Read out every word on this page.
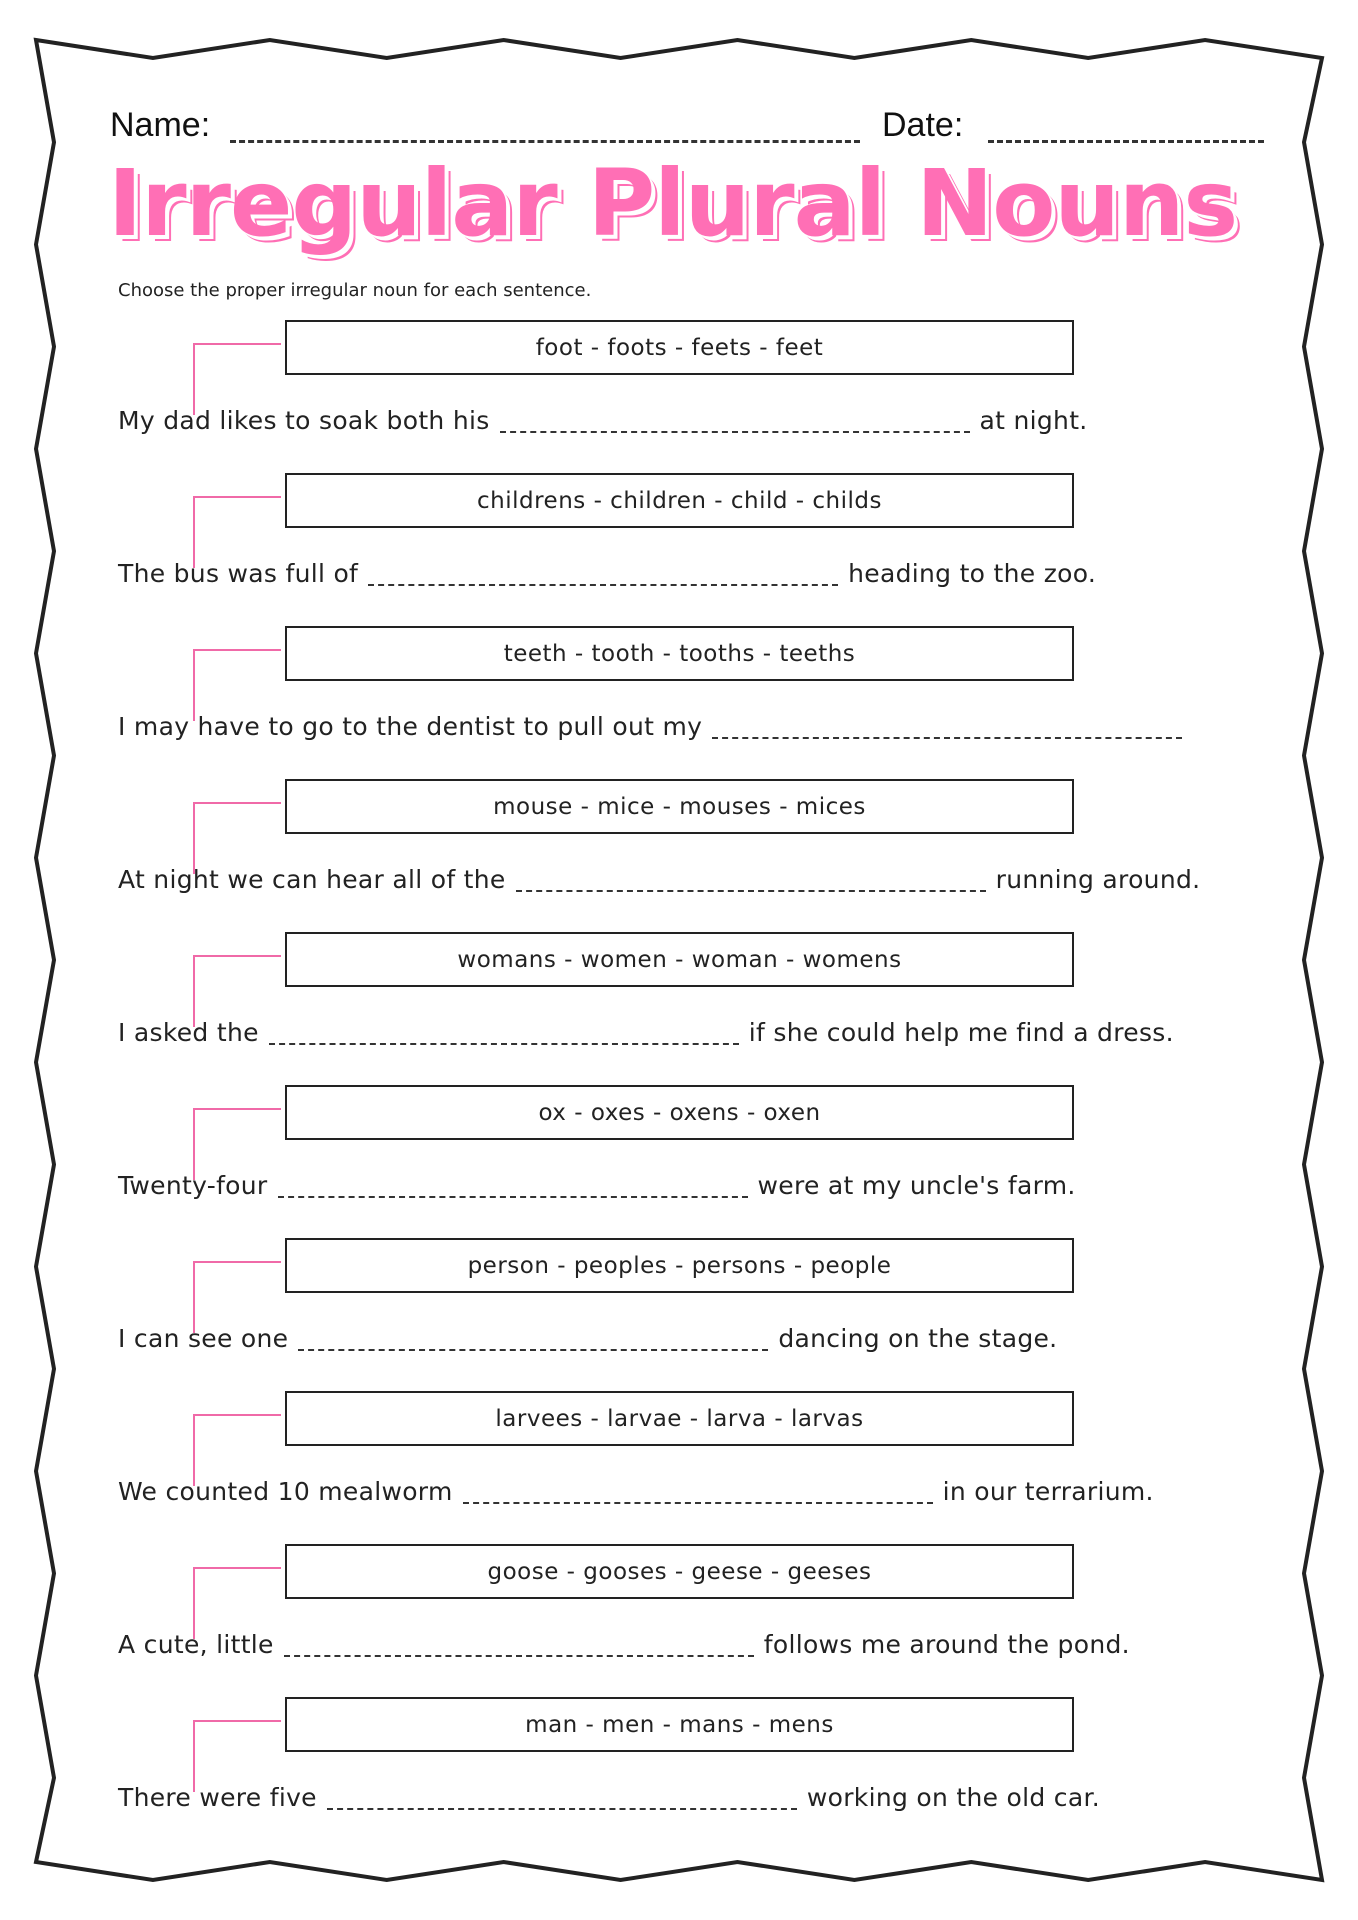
Name:	Date:
Irregular Plural Nouns
Choose the proper irregular noun for each sentence.
foot - foots - feets - feet
My dad likes to soak both his	at night.
childrens - children - child - childs
The bus was full of	heading to the zoo.
teeth - tooth - tooths - teeths
I may have to go to the dentist to pull out my
mouse - mice - mouses - mices
At night we can hear all of the	running around.
womans - women - woman - womens
I asked the	if she could help me find a dress.
ox - oxes - oxens - oxen
Twenty-four	were at my uncle's farm.
person - peoples - persons - people
I can see one	dancing on the stage.
larvees - larvae - larva - larvas
We counted 10 mealworm	in our terrarium.
goose - gooses - geese - geeses
A cute, little	follows me around the pond.
man - men - mans - mens
There were five	working on the old car.
